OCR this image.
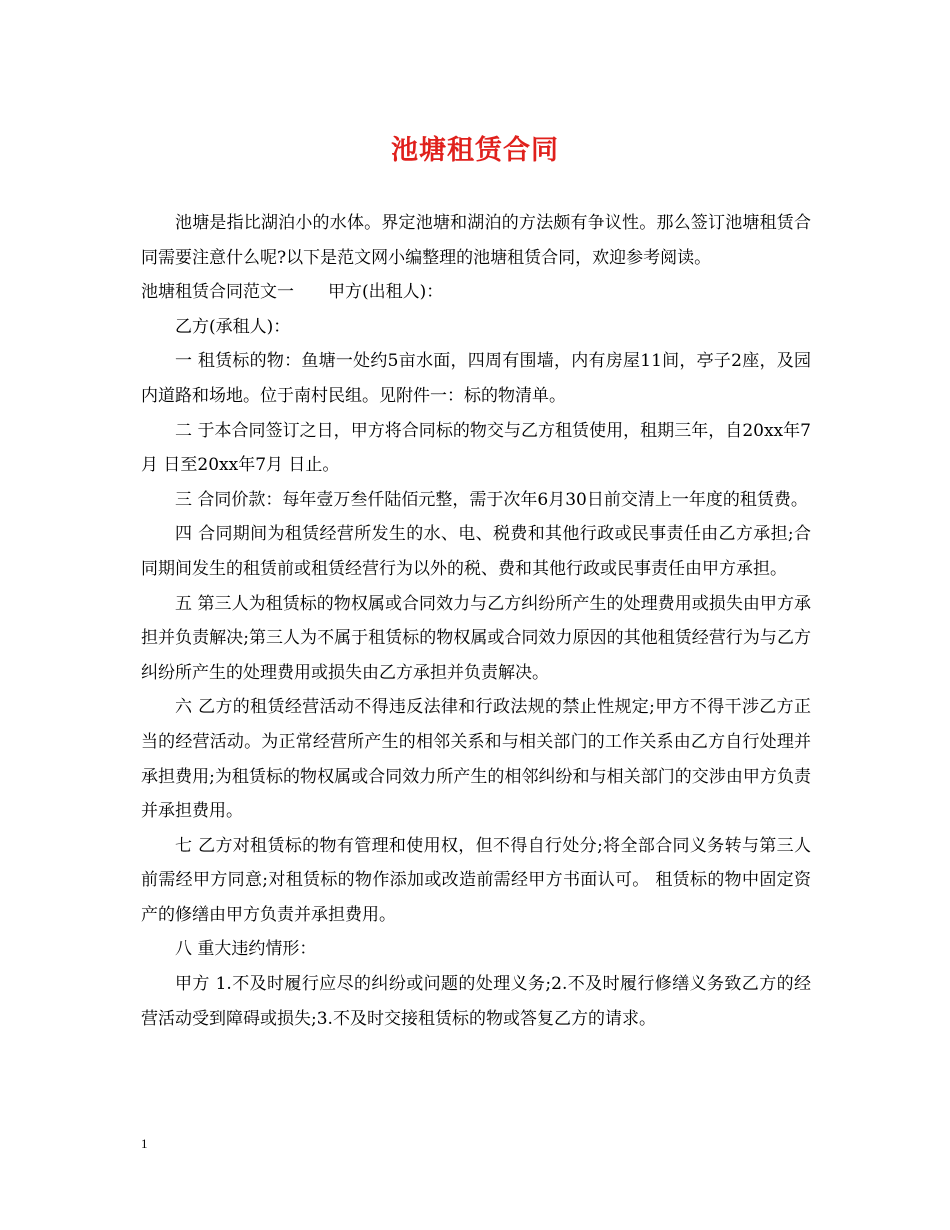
池塘租赁合同

池塘是指比湖泊小的水体。界定池塘和湖泊的方法颇有争议性。那么签订池塘租赁合同需要注意什么呢?以下是范文网小编整理的池塘租赁合同，欢迎参考阅读。

池塘租赁合同范文一　　甲方(出租人)：

乙方(承租人)：

一 租赁标的物：鱼塘一处约5亩水面，四周有围墙，内有房屋11间，亭子2座，及园内道路和场地。位于南村民组。见附件一：标的物清单。

二 于本合同签订之日，甲方将合同标的物交与乙方租赁使用，租期三年，自20xx年7月 日至20xx年7月 日止。

三 合同价款：每年壹万叁仟陆佰元整，需于次年6月30日前交清上一年度的租赁费。

四 合同期间为租赁经营所发生的水、电、税费和其他行政或民事责任由乙方承担;合同期间发生的租赁前或租赁经营行为以外的税、费和其他行政或民事责任由甲方承担。

五 第三人为租赁标的物权属或合同效力与乙方纠纷所产生的处理费用或损失由甲方承担并负责解决;第三人为不属于租赁标的物权属或合同效力原因的其他租赁经营行为与乙方纠纷所产生的处理费用或损失由乙方承担并负责解决。

六 乙方的租赁经营活动不得违反法律和行政法规的禁止性规定;甲方不得干涉乙方正当的经营活动。为正常经营所产生的相邻关系和与相关部门的工作关系由乙方自行处理并承担费用;为租赁标的物权属或合同效力所产生的相邻纠纷和与相关部门的交涉由甲方负责并承担费用。

七 乙方对租赁标的物有管理和使用权，但不得自行处分;将全部合同义务转与第三人前需经甲方同意;对租赁标的物作添加或改造前需经甲方书面认可。 租赁标的物中固定资产的修缮由甲方负责并承担费用。

八 重大违约情形：

甲方 1.不及时履行应尽的纠纷或问题的处理义务;2.不及时履行修缮义务致乙方的经营活动受到障碍或损失;3.不及时交接租赁标的物或答复乙方的请求。

1
